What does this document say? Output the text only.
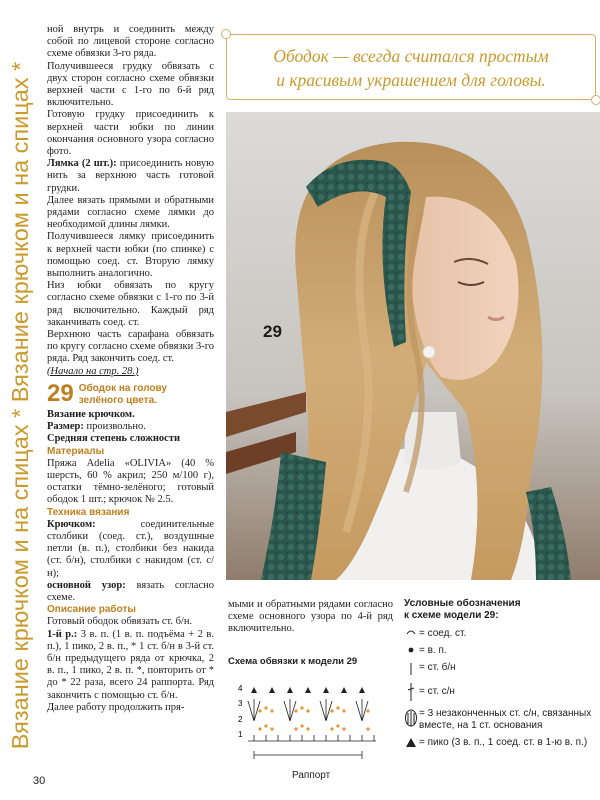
Вязание крючком и на спицах * Вязание крючком и на спицах *

ной внутрь и соединить между собой по лицевой стороне согласно схеме обвязки 3-го ряда.

Получившееся грудку обвязать с двух сторон согласно схеме обвязки верхней части с 1-го по 6-й ряд включительно.

Готовую грудку присоединить к верхней части юбки по линии окончания основного узора согласно фото.

Лямка (2 шт.): присоединить новую нить за верхнюю часть готовой грудки.

Далее вязать прямыми и обратными рядами согласно схеме лямки до необходимой длины лямки.

Получившееся лямку присоединить к верхней части юбки (по спинке) с помощью соед. ст. Вторую лямку выполнить аналогично.

Низ юбки обвязать по кругу согласно схеме обвязки с 1-го по 3-й ряд включительно. Каждый ряд заканчивать соед. ст.

Верхнюю часть сарафана обвязать по кругу согласно схеме обвязки 3-го ряда. Ряд закончить соед. ст.

(Начало на стр. 28.)

29 Ободок на голову зелёного цвета.

Вязание крючком.

Размер: произвольно.

Средняя степень сложности

Материалы

Пряжа Adelia «OLIVIA» (40 % шерсть, 60 % акрил; 250 м/100 г), остатки тёмно-зелёного; готовый ободок 1 шт.; крючок № 2.5.

Техника вязания

Крючком: соединительные столбики (соед. ст.), воздушные петли (в. п.), столбики без накида (ст. б/н), столбики с накидом (ст. с/н);

основной узор: вязать согласно схеме.

Описание работы

Готовый ободок обвязать ст. б/н.

1-й р.: 3 в. п. (1 в. п. подъёма + 2 в. п.), 1 пико, 2 в. п., * 1 ст. б/н в 3-й ст. б/н предыдущего ряда от крючка, 2 в. п., 1 пико, 2 в. п. *, повторить от * до * 22 раза, всего 24 раппорта. Ряд закончить с помощью ст. б/н.

Далее работу продолжить пря-

Ободок — всегда считался простым
и красивым украшением для головы.
29
мыми и обратными рядами согласно схеме основного узора по 4-й ряд включительно.
Схема обвязки к модели 29
4
3
2
1
Раппорт
Условные обозначения
к схеме модели 29:
= соед. ст.
= в. п.
= ст. б/н
= ст. с/н
= 3 незаконченных ст. с/н, связанных вместе, на 1 ст. основания
= пико (3 в. п., 1 соед. ст. в 1-ю в. п.)
30
